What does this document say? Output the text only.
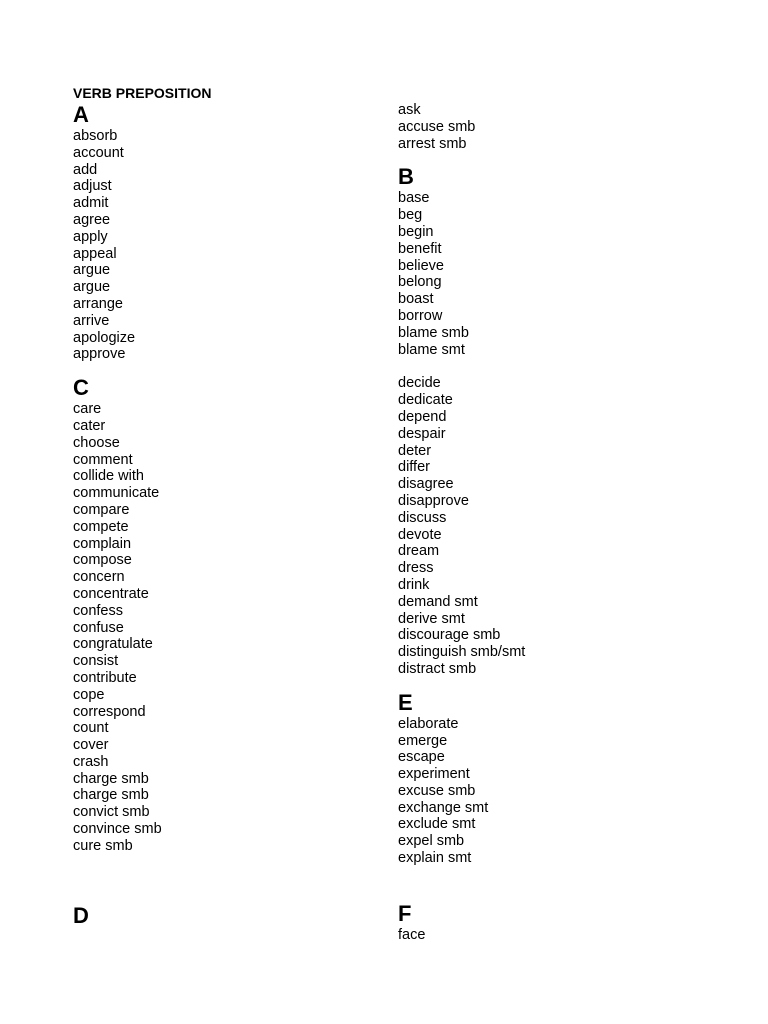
VERB PREPOSITION
A
absorb
account
add
adjust
admit
agree
apply
appeal
argue
argue
arrange
arrive
apologize
approve
C
care
cater
choose
comment
collide with
communicate
compare
compete
complain
compose
concern
concentrate
confess
confuse
congratulate
consist
contribute
cope
correspond
count
cover
crash
charge smb
charge smb
convict smb
convince smb
cure smb
D
ask
accuse smb
arrest smb
B
base
beg
begin
benefit
believe
belong
boast
borrow
blame smb
blame smt
decide
dedicate
depend
despair
deter
differ
disagree
disapprove
discuss
devote
dream
dress
drink
demand smt
derive smt
discourage smb
distinguish smb/smt
distract smb
E
elaborate
emerge
escape
experiment
excuse smb
exchange smt
exclude smt
expel smb
explain smt
F
face
